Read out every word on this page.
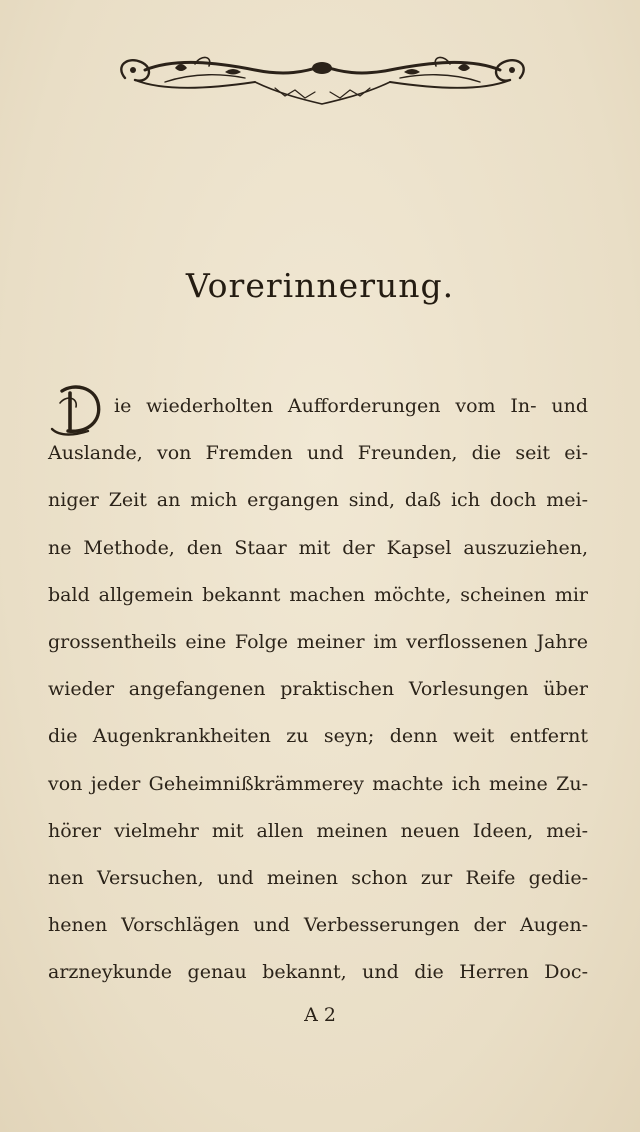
Vorerinnerung.
ie wiederholten Aufforderungen vom In- und
Auslande, von Fremden und Freunden, die seit ei-
niger Zeit an mich ergangen sind, daß ich doch mei-
ne Methode, den Staar mit der Kapsel auszuziehen,
bald allgemein bekannt machen möchte, scheinen mir
grossentheils eine Folge meiner im verflossenen Jahre
wieder angefangenen praktischen Vorlesungen über
die Augenkrankheiten zu seyn; denn weit entfernt
von jeder Geheimnißkrämmerey machte ich meine Zu-
hörer vielmehr mit allen meinen neuen Ideen, mei-
nen Versuchen, und meinen schon zur Reife gedie-
henen Vorschlägen und Verbesserungen der Augen-
arzneykunde genau bekannt, und die Herren Doc-
A 2
